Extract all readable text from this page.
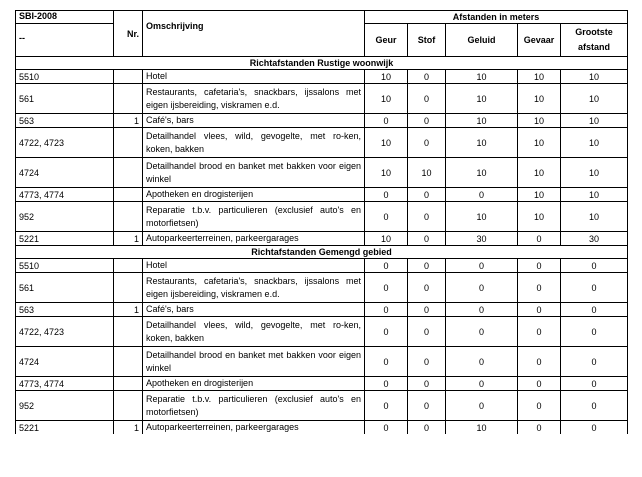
SBI-2008	Nr.	Omschrijving	Afstanden in meters				
--			Geur	Stof	Geluid	Gevaar	Grootste afstand
Richtafstanden Rustige woonwijk							
5510		Hotel	10	0	10	10	10
561		Restaurants, cafetaria's, snackbars, ijssalons met eigen ijsbereiding, viskramen e.d.	10	0	10	10	10
563	1	Café's, bars	0	0	10	10	10
4722, 4723		Detailhandel vlees, wild, gevogelte, met ro-ken, koken, bakken	10	0	10	10	10
4724		Detailhandel brood en banket met bakken voor eigen winkel	10	10	10	10	10
4773, 4774		Apotheken en drogisterijen	0	0	0	10	10
952		Reparatie t.b.v. particulieren (exclusief auto's en motorfietsen)	0	0	10	10	10
5221	1	Autoparkeerterreinen, parkeergarages	10	0	30	0	30
Richtafstanden Gemengd gebied							
5510		Hotel	0	0	0	0	0
561		Restaurants, cafetaria's, snackbars, ijssalons met eigen ijsbereiding, viskramen e.d.	0	0	0	0	0
563	1	Café's, bars	0	0	0	0	0
4722, 4723		Detailhandel vlees, wild, gevogelte, met ro-ken, koken, bakken	0	0	0	0	0
4724		Detailhandel brood en banket met bakken voor eigen winkel	0	0	0	0	0
4773, 4774		Apotheken en drogisterijen	0	0	0	0	0
952		Reparatie t.b.v. particulieren (exclusief auto's en motorfietsen)	0	0	0	0	0
5221	1	Autoparkeerterreinen, parkeergarages	0	0	10	0	0
